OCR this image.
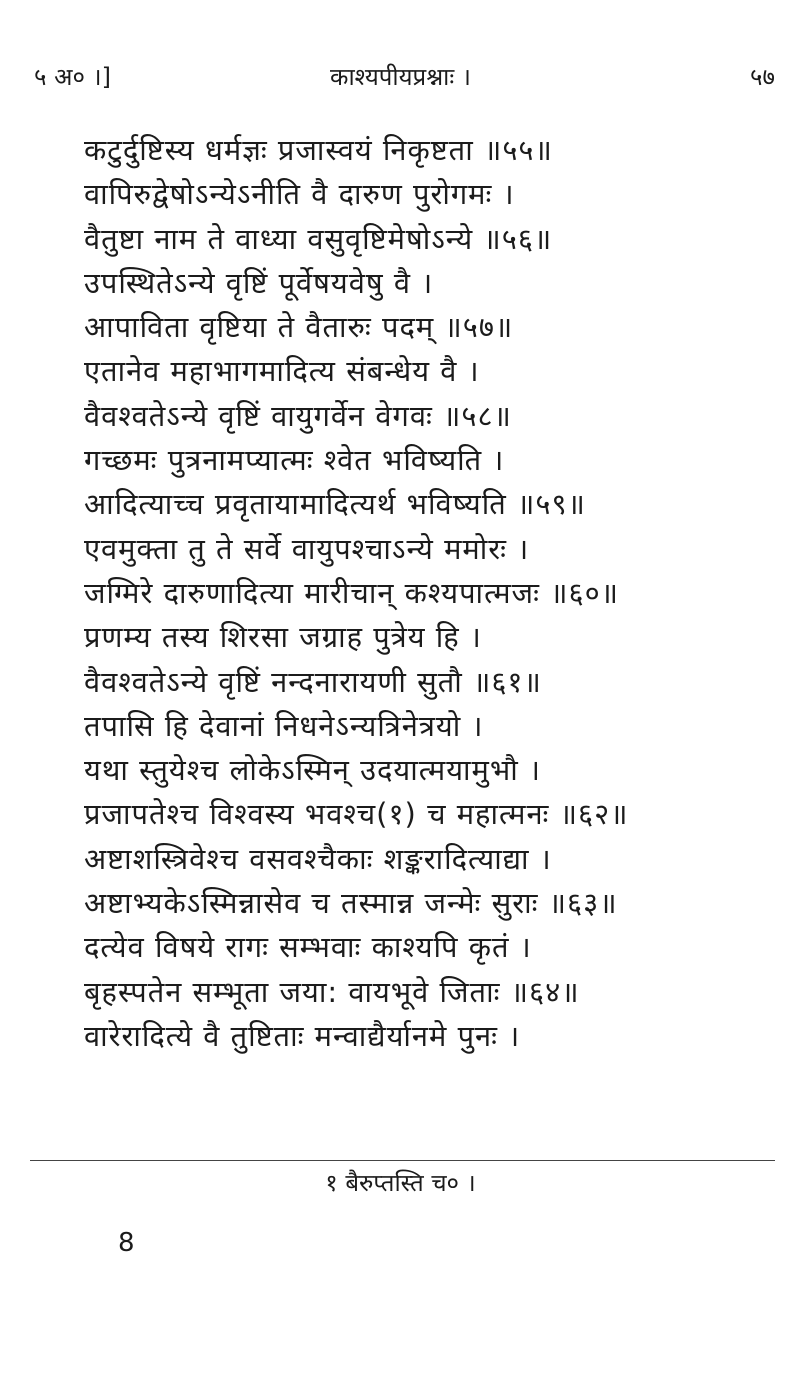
५ अ० ।]	काश्यपीयप्रश्नाः ।	५७
कटुर्दुष्टिस्य धर्मज्ञः प्रजास्वयं निकृष्टता ॥५५॥
वापिरुद्वेषोऽन्येऽनीति वै दारुण पुरोगमः ।
वैतुष्टा नाम ते वाध्या वसुवृष्टिमेषोऽन्ये ॥५६॥
उपस्थितेऽन्ये वृष्टिं पूर्वेषयवेषु वै ।
आपाविता वृष्टिया ते वैतारुः पदम् ॥५७॥
एतानेव महाभागमादित्य संबन्धेय वै ।
वैवश्वतेऽन्ये वृष्टिं वायुगर्वेन वेगवः ॥५८॥
गच्छमः पुत्रनामप्यात्मः श्वेत भविष्यति ।
आदित्याच्च प्रवृतायामादित्यर्थ भविष्यति ॥५९॥
एवमुक्ता तु ते सर्वे वायुपश्चाऽन्ये ममोरः ।
जग्मिरे दारुणादित्या मारीचान् कश्यपात्मजः ॥६०॥
प्रणम्य तस्य शिरसा जग्राह पुत्रेय हि ।
वैवश्वतेऽन्ये वृष्टिं नन्दनारायणी सुतौ ॥६१॥
तपासि हि देवानां निधनेऽन्यत्रिनेत्रयो ।
यथा स्तुयेश्च लोकेऽस्मिन् उदयात्मयामुभौ ।
प्रजापतेश्च विश्वस्य भवश्च(१) च महात्मनः ॥६२॥
अष्टाशस्त्रिवेश्च वसवश्चैकाः शङ्करादित्याद्या ।
अष्टाभ्यकेऽस्मिन्नासेव च तस्मान्न जन्मेः सुराः ॥६३॥
दत्येव विषये रागः सम्भवाः काश्यपि कृतं ।
बृहस्पतेन सम्भूता जया: वायभूवे जिताः ॥६४॥
वारेरादित्ये वै तुष्टिताः मन्वाद्यैर्यानमे पुनः ।
१ बैरुप्तस्ति च० ।
8
